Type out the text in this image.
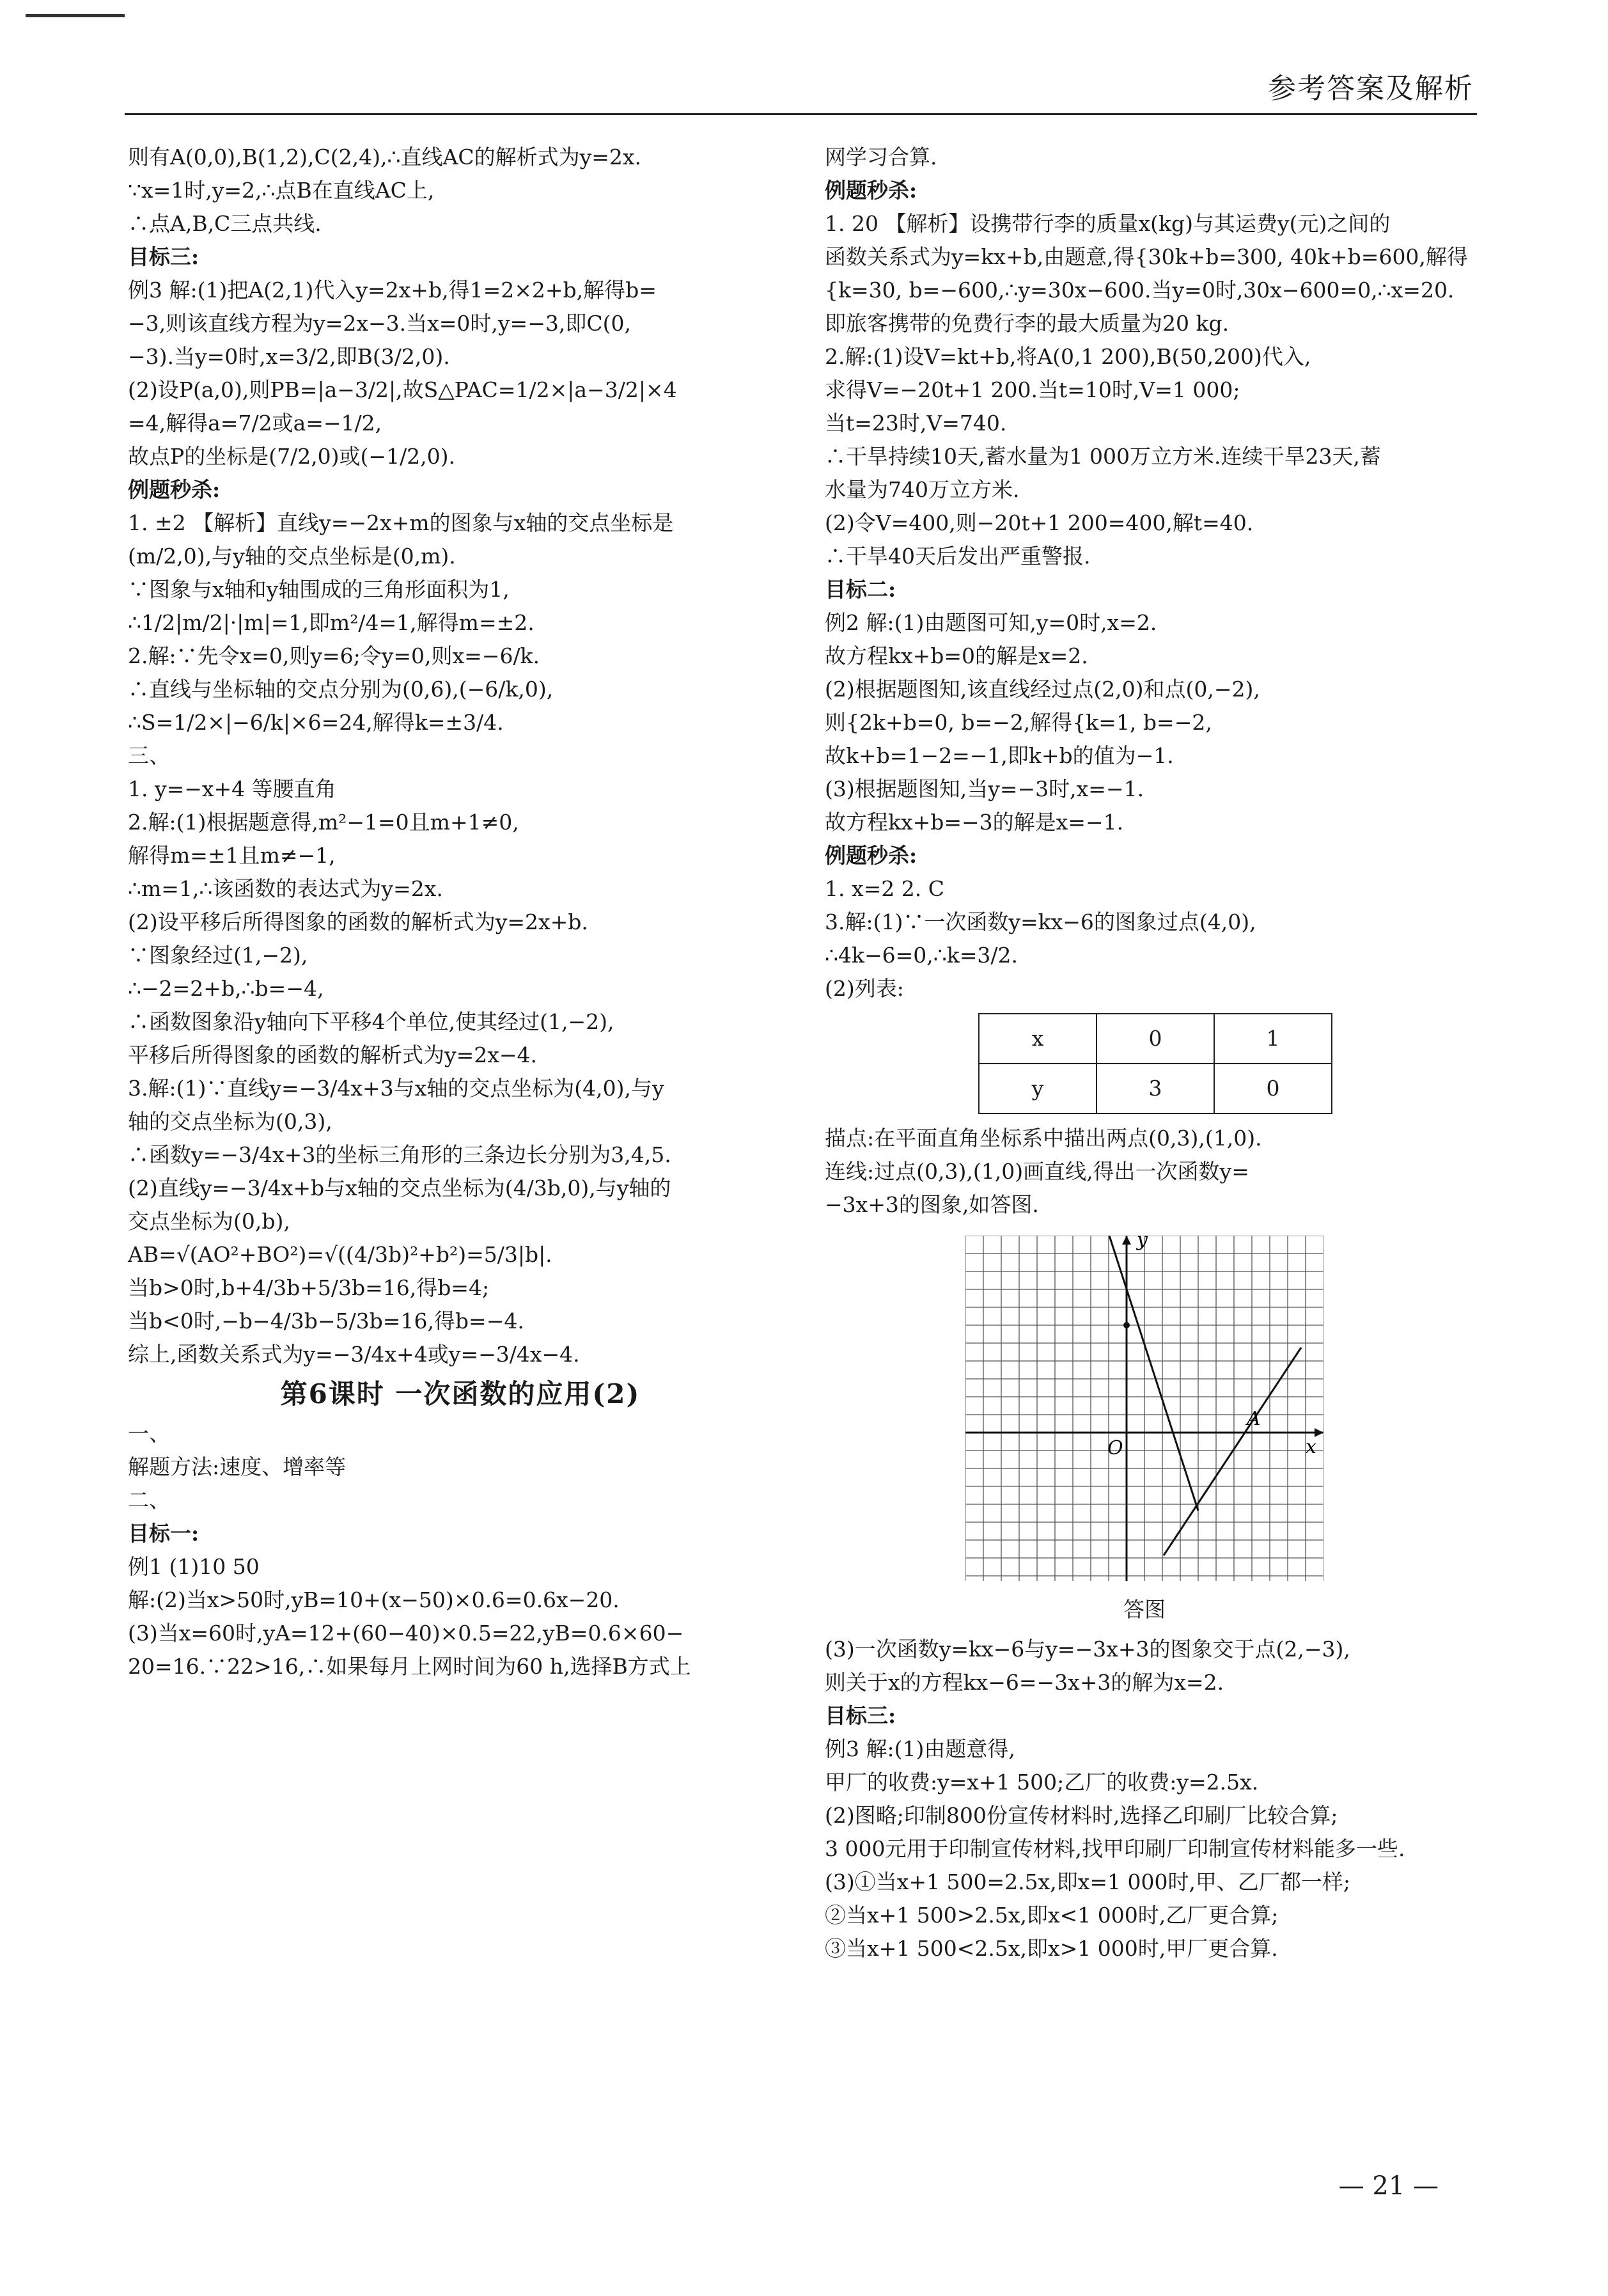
参考答案及解析
则有A(0,0),B(1,2),C(2,4),∴直线AC的解析式为y=2x.
∵x=1时,y=2,∴点B在直线AC上,
∴点A,B,C三点共线.
目标三:
例3 解:(1)把A(2,1)代入y=2x+b,得1=2×2+b,解得b=
−3,则该直线方程为y=2x−3.当x=0时,y=−3,即C(0,
−3).当y=0时,x=3/2,即B(3/2,0).
(2)设P(a,0),则PB=|a−3/2|,故S△PAC=1/2×|a−3/2|×4
=4,解得a=7/2或a=−1/2,
故点P的坐标是(7/2,0)或(−1/2,0).
例题秒杀:
1. ±2 【解析】直线y=−2x+m的图象与x轴的交点坐标是
(m/2,0),与y轴的交点坐标是(0,m).
∵图象与x轴和y轴围成的三角形面积为1,
∴1/2|m/2|·|m|=1,即m²/4=1,解得m=±2.
2.解:∵先令x=0,则y=6;令y=0,则x=−6/k.
∴直线与坐标轴的交点分别为(0,6),(−6/k,0),
∴S=1/2×|−6/k|×6=24,解得k=±3/4.
三、
1. y=−x+4 等腰直角
2.解:(1)根据题意得,m²−1=0且m+1≠0,
解得m=±1且m≠−1,
∴m=1,∴该函数的表达式为y=2x.
(2)设平移后所得图象的函数的解析式为y=2x+b.
∵图象经过(1,−2),
∴−2=2+b,∴b=−4,
∴函数图象沿y轴向下平移4个单位,使其经过(1,−2),
平移后所得图象的函数的解析式为y=2x−4.
3.解:(1)∵直线y=−3/4x+3与x轴的交点坐标为(4,0),与y
轴的交点坐标为(0,3),
∴函数y=−3/4x+3的坐标三角形的三条边长分别为3,4,5.
(2)直线y=−3/4x+b与x轴的交点坐标为(4/3b,0),与y轴的
交点坐标为(0,b),
AB=√(AO²+BO²)=√((4/3b)²+b²)=5/3|b|.
当b>0时,b+4/3b+5/3b=16,得b=4;
当b<0时,−b−4/3b−5/3b=16,得b=−4.
综上,函数关系式为y=−3/4x+4或y=−3/4x−4.
第6课时 一次函数的应用(2)
一、
解题方法:速度、增率等
二、
目标一:
例1 (1)10 50
解:(2)当x>50时,yB=10+(x−50)×0.6=0.6x−20.
(3)当x=60时,yA=12+(60−40)×0.5=22,yB=0.6×60−
20=16.∵22>16,∴如果每月上网时间为60 h,选择B方式上
网学习合算.
例题秒杀:
1. 20 【解析】设携带行李的质量x(kg)与其运费y(元)之间的
函数关系式为y=kx+b,由题意,得{30k+b=300, 40k+b=600,解得
{k=30, b=−600,∴y=30x−600.当y=0时,30x−600=0,∴x=20.
即旅客携带的免费行李的最大质量为20 kg.
2.解:(1)设V=kt+b,将A(0,1 200),B(50,200)代入,
求得V=−20t+1 200.当t=10时,V=1 000;
当t=23时,V=740.
∴干旱持续10天,蓄水量为1 000万立方米.连续干旱23天,蓄
水量为740万立方米.
(2)令V=400,则−20t+1 200=400,解t=40.
∴干旱40天后发出严重警报.
目标二:
例2 解:(1)由题图可知,y=0时,x=2.
故方程kx+b=0的解是x=2.
(2)根据题图知,该直线经过点(2,0)和点(0,−2),
则{2k+b=0, b=−2,解得{k=1, b=−2,
故k+b=1−2=−1,即k+b的值为−1.
(3)根据题图知,当y=−3时,x=−1.
故方程kx+b=−3的解是x=−1.
例题秒杀:
1. x=2 2. C
3.解:(1)∵一次函数y=kx−6的图象过点(4,0),
∴4k−6=0,∴k=3/2.
(2)列表:
x	0	1
y	3	0
描点:在平面直角坐标系中描出两点(0,3),(1,0).
连线:过点(0,3),(1,0)画直线,得出一次函数y=
−3x+3的图象,如答图.
y
x
O
A
答图
(3)一次函数y=kx−6与y=−3x+3的图象交于点(2,−3),
则关于x的方程kx−6=−3x+3的解为x=2.
目标三:
例3 解:(1)由题意得,
甲厂的收费:y=x+1 500;乙厂的收费:y=2.5x.
(2)图略;印制800份宣传材料时,选择乙印刷厂比较合算;
3 000元用于印制宣传材料,找甲印刷厂印制宣传材料能多一些.
(3)①当x+1 500=2.5x,即x=1 000时,甲、乙厂都一样;
②当x+1 500>2.5x,即x<1 000时,乙厂更合算;
③当x+1 500<2.5x,即x>1 000时,甲厂更合算.
— 21 —
